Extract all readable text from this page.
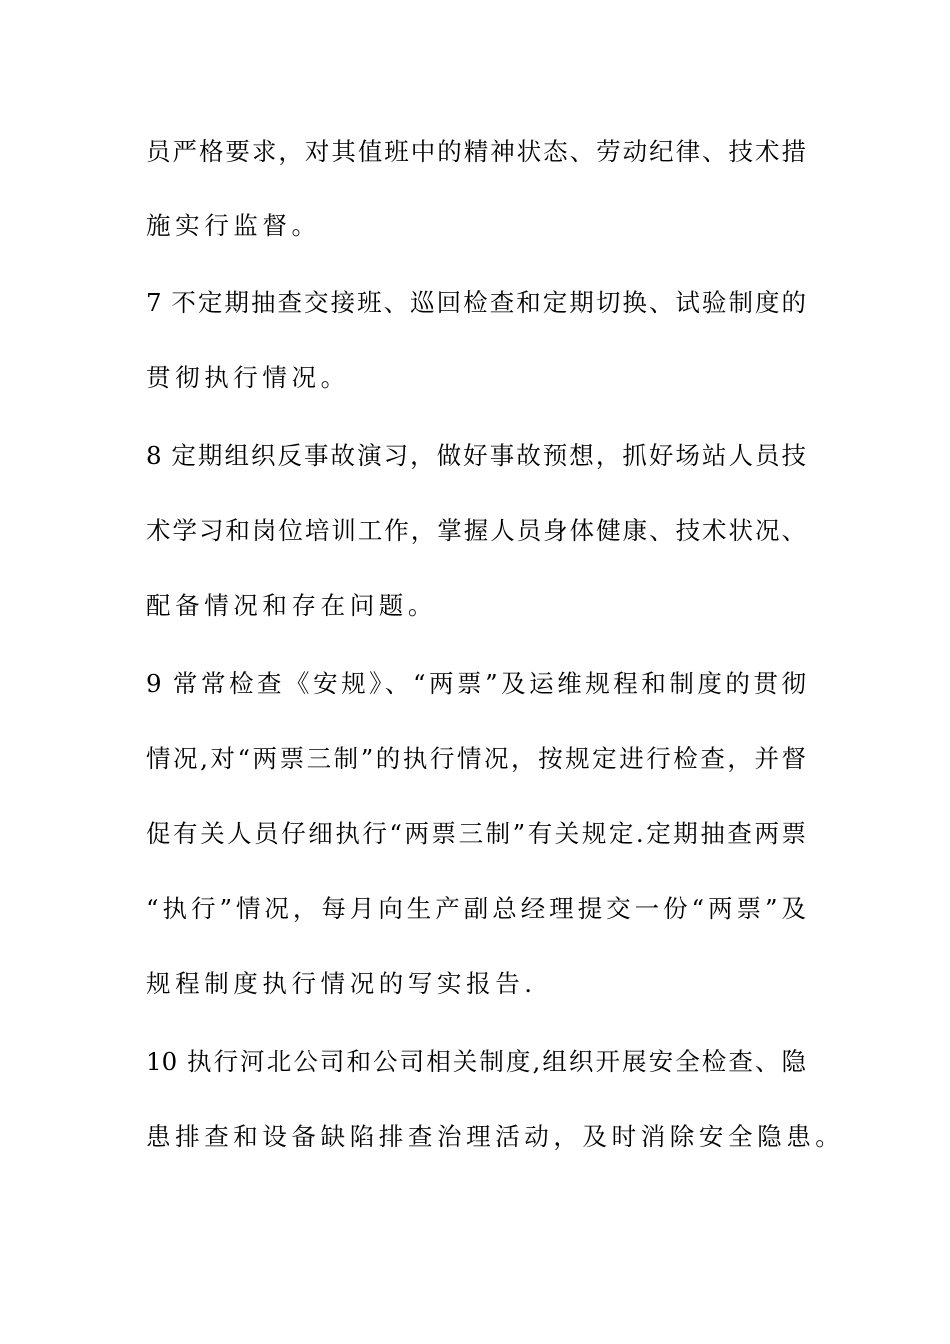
员严格要求，对其值班中的精神状态、劳动纪律、技术措
施实行监督。
7 不定期抽查交接班、巡回检查和定期切换、试验制度的
贯彻执行情况。
8 定期组织反事故演习，做好事故预想，抓好场站人员技
术学习和岗位培训工作，掌握人员身体健康、技术状况、
配备情况和存在问题。
9 常常检查《安规》、“两票”及运维规程和制度的贯彻
情况,对“两票三制”的执行情况，按规定进行检查，并督
促有关人员仔细执行“两票三制”有关规定.定期抽查两票
“执行”情况，每月向生产副总经理提交一份“两票”及
规程制度执行情况的写实报告.
10 执行河北公司和公司相关制度,组织开展安全检查、隐
患排查和设备缺陷排查治理活动，及时消除安全隐患。
